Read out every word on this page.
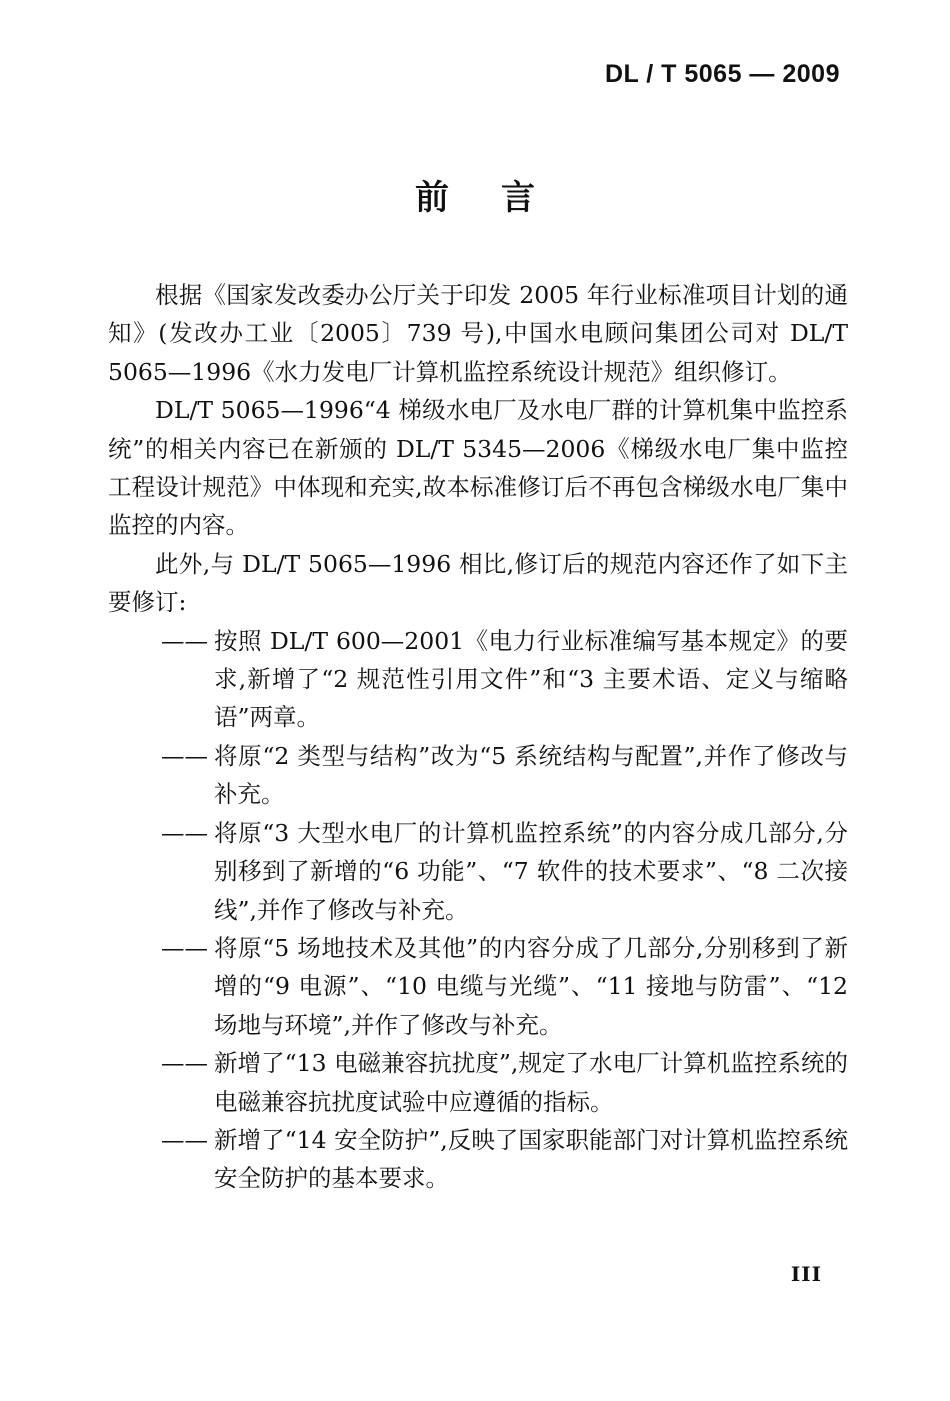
DL / T 5065 — 2009
前言

根据《国家发改委办公厅关于印发 2005 年行业标准项目计划的通知》(发改办工业〔2005〕739 号),中国水电顾问集团公司对 DL/T 5065—1996《水力发电厂计算机监控系统设计规范》组织修订。

DL/T 5065—1996“4 梯级水电厂及水电厂群的计算机集中监控系统”的相关内容已在新颁的 DL/T 5345—2006《梯级水电厂集中监控工程设计规范》中体现和充实,故本标准修订后不再包含梯级水电厂集中监控的内容。

此外,与 DL/T 5065—1996 相比,修订后的规范内容还作了如下主要修订:

—— 按照 DL/T 600—2001《电力行业标准编写基本规定》的要求,新增了“2 规范性引用文件”和“3 主要术语、定义与缩略语”两章。

—— 将原“2 类型与结构”改为“5 系统结构与配置”,并作了修改与补充。

—— 将原“3 大型水电厂的计算机监控系统”的内容分成几部分,分别移到了新增的“6 功能”、“7 软件的技术要求”、“8 二次接线”,并作了修改与补充。

—— 将原“5 场地技术及其他”的内容分成了几部分,分别移到了新增的“9 电源”、“10 电缆与光缆”、“11 接地与防雷”、“12 场地与环境”,并作了修改与补充。

—— 新增了“13 电磁兼容抗扰度”,规定了水电厂计算机监控系统的电磁兼容抗扰度试验中应遵循的指标。

—— 新增了“14 安全防护”,反映了国家职能部门对计算机监控系统安全防护的基本要求。

III
